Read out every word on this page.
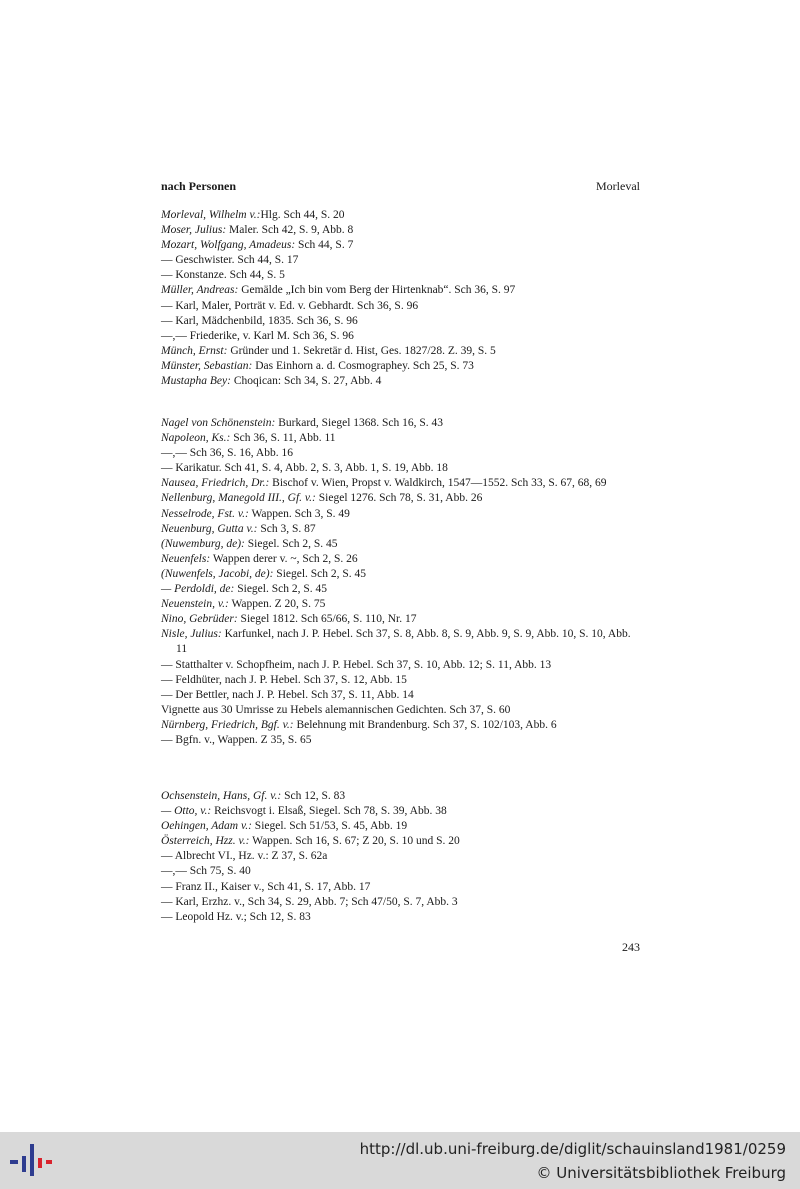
nach Personen	Morleval
Morleval, Wilhelm v.:Hlg. Sch 44, S. 20
Moser, Julius: Maler. Sch 42, S. 9, Abb. 8
Mozart, Wolfgang, Amadeus: Sch 44, S. 7
— Geschwister. Sch 44, S. 17
— Konstanze. Sch 44, S. 5
Müller, Andreas: Gemälde „Ich bin vom Berg der Hirtenknab“. Sch 36, S. 97
— Karl, Maler, Porträt v. Ed. v. Gebhardt. Sch 36, S. 96
— Karl, Mädchenbild, 1835. Sch 36, S. 96
—,— Friederike, v. Karl M. Sch 36, S. 96
Münch, Ernst: Gründer und 1. Sekretär d. Hist, Ges. 1827/28. Z. 39, S. 5
Münster, Sebastian: Das Einhorn a. d. Cosmographey. Sch 25, S. 73
Mustapha Bey: Choqican: Sch 34, S. 27, Abb. 4
Nagel von Schönenstein: Burkard, Siegel 1368. Sch 16, S. 43
Napoleon, Ks.: Sch 36, S. 11, Abb. 11
—,— Sch 36, S. 16, Abb. 16
— Karikatur. Sch 41, S. 4, Abb. 2, S. 3, Abb. 1, S. 19, Abb. 18
Nausea, Friedrich, Dr.: Bischof v. Wien, Propst v. Waldkirch, 1547—1552. Sch 33, S. 67, 68, 69
Nellenburg, Manegold III., Gf. v.: Siegel 1276. Sch 78, S. 31, Abb. 26
Nesselrode, Fst. v.: Wappen. Sch 3, S. 49
Neuenburg, Gutta v.: Sch 3, S. 87
(Nuwemburg, de): Siegel. Sch 2, S. 45
Neuenfels: Wappen derer v. ~, Sch 2, S. 26
(Nuwenfels, Jacobi, de): Siegel. Sch 2, S. 45
— Perdoldi, de: Siegel. Sch 2, S. 45
Neuenstein, v.: Wappen. Z 20, S. 75
Nino, Gebrüder: Siegel 1812. Sch 65/66, S. 110, Nr. 17
Nisle, Julius: Karfunkel, nach J. P. Hebel. Sch 37, S. 8, Abb. 8, S. 9, Abb. 9, S. 9, Abb. 10, S. 10, Abb. 11
— Statthalter v. Schopfheim, nach J. P. Hebel. Sch 37, S. 10, Abb. 12; S. 11, Abb. 13
— Feldhüter, nach J. P. Hebel. Sch 37, S. 12, Abb. 15
— Der Bettler, nach J. P. Hebel. Sch 37, S. 11, Abb. 14
Vignette aus 30 Umrisse zu Hebels alemannischen Gedichten. Sch 37, S. 60
Nürnberg, Friedrich, Bgf. v.: Belehnung mit Brandenburg. Sch 37, S. 102/103, Abb. 6
— Bgfn. v., Wappen. Z 35, S. 65
Ochsenstein, Hans, Gf. v.: Sch 12, S. 83
— Otto, v.: Reichsvogt i. Elsaß, Siegel. Sch 78, S. 39, Abb. 38
Oehingen, Adam v.: Siegel. Sch 51/53, S. 45, Abb. 19
Österreich, Hzz. v.: Wappen. Sch 16, S. 67; Z 20, S. 10 und S. 20
— Albrecht VI., Hz. v.: Z 37, S. 62a
—,— Sch 75, S. 40
— Franz II., Kaiser v., Sch 41, S. 17, Abb. 17
— Karl, Erzhz. v., Sch 34, S. 29, Abb. 7; Sch 47/50, S. 7, Abb. 3
— Leopold Hz. v.; Sch 12, S. 83
243
http://dl.ub.uni-freiburg.de/diglit/schauinsland1981/0259
© Universitätsbibliothek Freiburg
